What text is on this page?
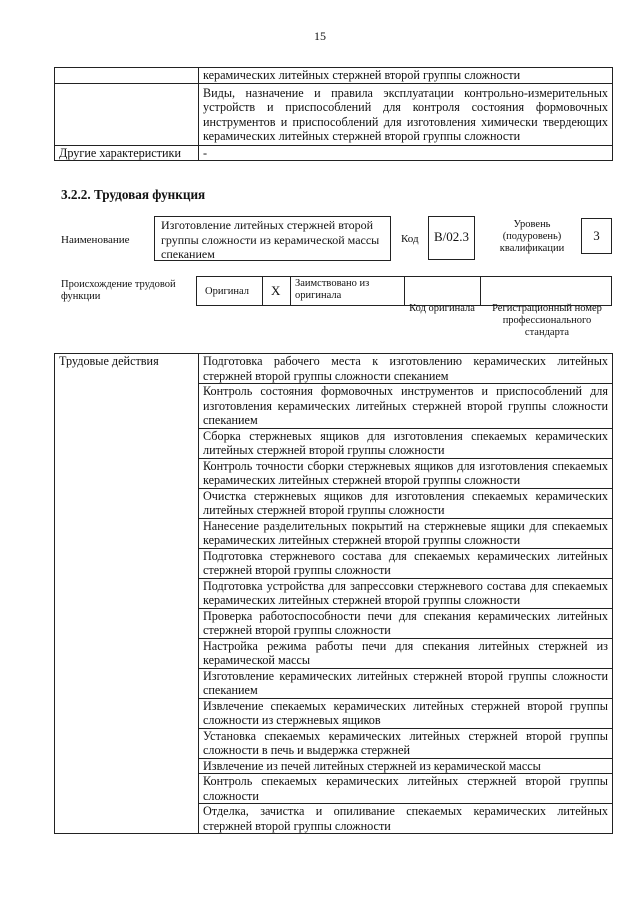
15
	керамических литейных стержней второй группы сложности
	Виды, назначение и правила эксплуатации контрольно-измерительных устройств и приспособлений для контроля состояния формовочных инструментов и приспособлений для изготовления химически твердеющих керамических литейных стержней второй группы сложности
Другие характеристики	-
3.2.2. Трудовая функция
Наименование
Изготовление литейных стержней второй группы сложности из керамической массы спеканием
Код	B/02.3
Уровень (подуровень) квалификации
3
Происхождение трудовой функции	Оригинал X Заимствовано из оригинала
Код оригинала	Регистрационный номер профессионального стандарта
Трудовые действия	Подготовка рабочего места к изготовлению керамических литейных стержней второй группы сложности спеканием
Контроль состояния формовочных инструментов и приспособлений для изготовления керамических литейных стержней второй группы сложности спеканием
Сборка стержневых ящиков для изготовления спекаемых керамических литейных стержней второй группы сложности
Контроль точности сборки стержневых ящиков для изготовления спекаемых керамических литейных стержней второй группы сложности
Очистка стержневых ящиков для изготовления спекаемых керамических литейных стержней второй группы сложности
Нанесение разделительных покрытий на стержневые ящики для спекаемых керамических литейных стержней второй группы сложности
Подготовка стержневого состава для спекаемых керамических литейных стержней второй группы сложности
Подготовка устройства для запрессовки стержневого состава для спекаемых керамических литейных стержней второй группы сложности
Проверка работоспособности печи для спекания керамических литейных стержней второй группы сложности
Настройка режима работы печи для спекания литейных стержней из керамической массы
Изготовление керамических литейных стержней второй группы сложности спеканием
Извлечение спекаемых керамических литейных стержней второй группы сложности из стержневых ящиков
Установка спекаемых керамических литейных стержней второй группы сложности в печь и выдержка стержней
Извлечение из печей литейных стержней из керамической массы
Контроль спекаемых керамических литейных стержней второй группы сложности
Отделка, зачистка и опиливание спекаемых керамических литейных стержней второй группы сложности
